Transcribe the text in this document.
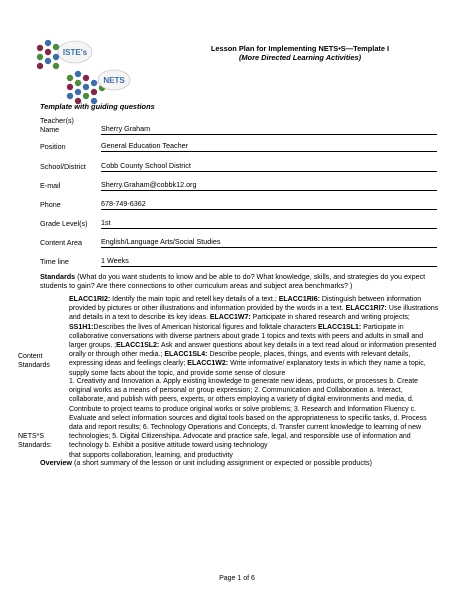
ISTE's
NETS
Lesson Plan for Implementing NETS•S—Template I
(More Directed Learning Activities)
Template with guiding questions
Teacher(s)
Name	Sherry Graham
Position	General Education Teacher
School/District Cobb County School District
E-mail	Sherry.Graham@cobbk12.org
Phone	678-749-6362
Grade Level(s) 1st
Content Area	English/Language Arts/Social Studies
Time line	1 Weeks
Standards (What do you want students to know and be able to do? What knowledge, skills, and strategies do you expect students to gain? Are there connections to other curriculum areas and subject area benchmarks? )
Content
Standards
ELACC1RI2: Identify the main topic and retell key details of a text.; ELACC1RI6: Distinguish between information provided by pictures or other illustrations and information provided by the words in a text. ELACC1RI7: Use illustrations and details in a text to describe its key ideas. ELACC1W7: Participate in shared research and writing projects; SS1H1:Describes the lives of American historical figures and folktale characters ELACC1SL1: Participate in collaborative conversations with diverse partners about grade 1 topics and texts with peers and adults in small and larger groups. ;ELACC1SL2: Ask and answer questions about key details in a text read aloud or information presented orally or through other media.; ELACC1SL4: Describe people, places, things, and events with relevant details, expressing ideas and feelings clearly; ELACC1W2: Write informative/ explanatory texts in which they name a topic, supply some facts about the topic, and provide some sense of closure
NETS*S
Standards:
1. Creativity and Innovation a. Apply existing knowledge to generate new ideas, products, or processes b. Create original works as a means of personal or group expression; 2. Communication and Collaboration a. Interact, collaborate, and publish with peers, experts, or others employing a variety of digital environments and media, d. Contribute to project teams to produce original works or solve problems; 3. Research and Information Fluency c. Evaluate and select information sources and digital tools based on the appropriateness to specific tasks, d. Process data and report results; 6. Technology Operations and Concepts, d. Transfer current knowledge to learning of new technologies; 5. Digital Citizenshipa. Advocate and practice safe, legal, and responsible use of information and technology b. Exhibit a positive attitude toward using technology
that supports collaboration, learning, and productivity
Overview (a short summary of the lesson or unit including assignment or expected or possible products)
Page 1 of 6
